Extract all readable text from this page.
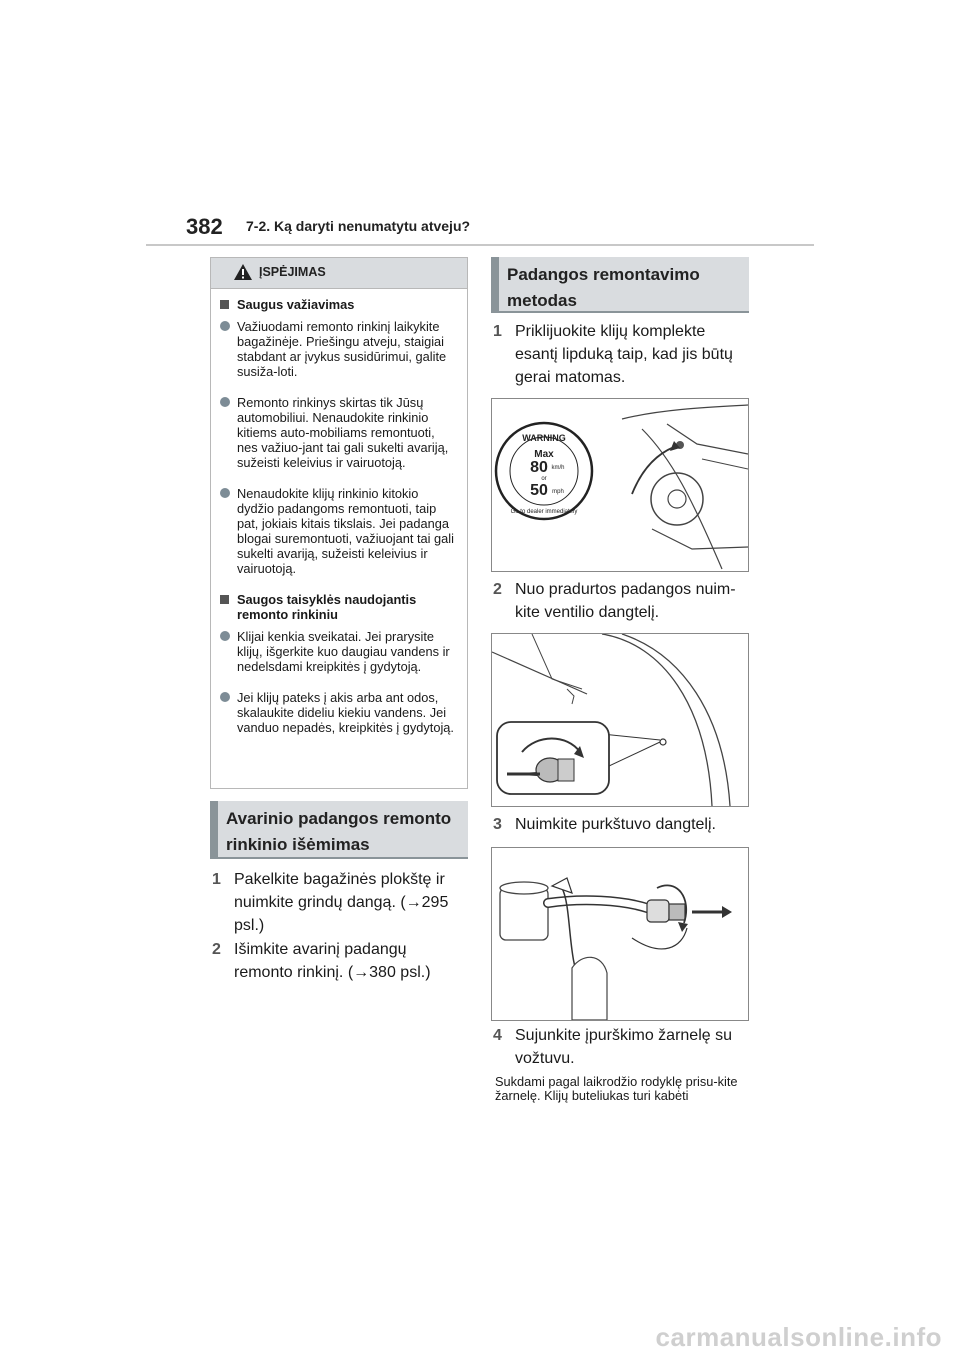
382 7-2. Ką daryti nenumatytu atveju?
ĮSPĖJIMAS
Saugus važiavimas
Važiuodami remonto rinkinį laikykite bagažinėje. Priešingu atveju, staigiai stabdant ar įvykus susidūrimui, galite susiža-loti.
Remonto rinkinys skirtas tik Jūsų automobiliui. Nenaudokite rinkinio kitiems auto-mobiliams remontuoti, nes važiuo-jant tai gali sukelti avariją, sužeisti keleivius ir vairuotoją.
Nenaudokite klijų rinkinio kitokio dydžio padangoms remontuoti, taip pat, jokiais kitais tikslais. Jei padanga blogai suremontuoti, važiuojant tai gali sukelti avariją, sužeisti keleivius ir vairuotoją.
Saugos taisyklės naudojantis remonto rinkiniu
Klijai kenkia sveikatai. Jei prarysite klijų, išgerkite kuo daugiau vandens ir nedelsdami kreipkitės į gydytoją.
Jei klijų pateks į akis arba ant odos, skalaukite dideliu kiekiu vandens. Jei vanduo nepadės, kreipkitės į gydytoją.
Avarinio padangos remonto rinkinio išėmimas
1 Pakelkite bagažinės plokštę ir nuimkite grindų dangą. (→295 psl.)
2 Išimkite avarinį padangų remonto rinkinį. (→380 psl.)
Padangos remontavimo metodas
1 Priklijuokite klijų komplekte esantį lipduką taip, kad jis būtų gerai matomas.
WARNING
Max
80 km/h
or
50 mph
Go to dealer immediately
2 Nuo pradurtos padangos nuim-kite ventilio dangtelį.
3 Nuimkite purkštuvo dangtelį.
4 Sujunkite įpurškimo žarnelę su vožtuvu.
Sukdami pagal laikrodžio rodyklę prisu-kite žarnelę. Klijų buteliukas turi kabėti
carmanualsonline.info
